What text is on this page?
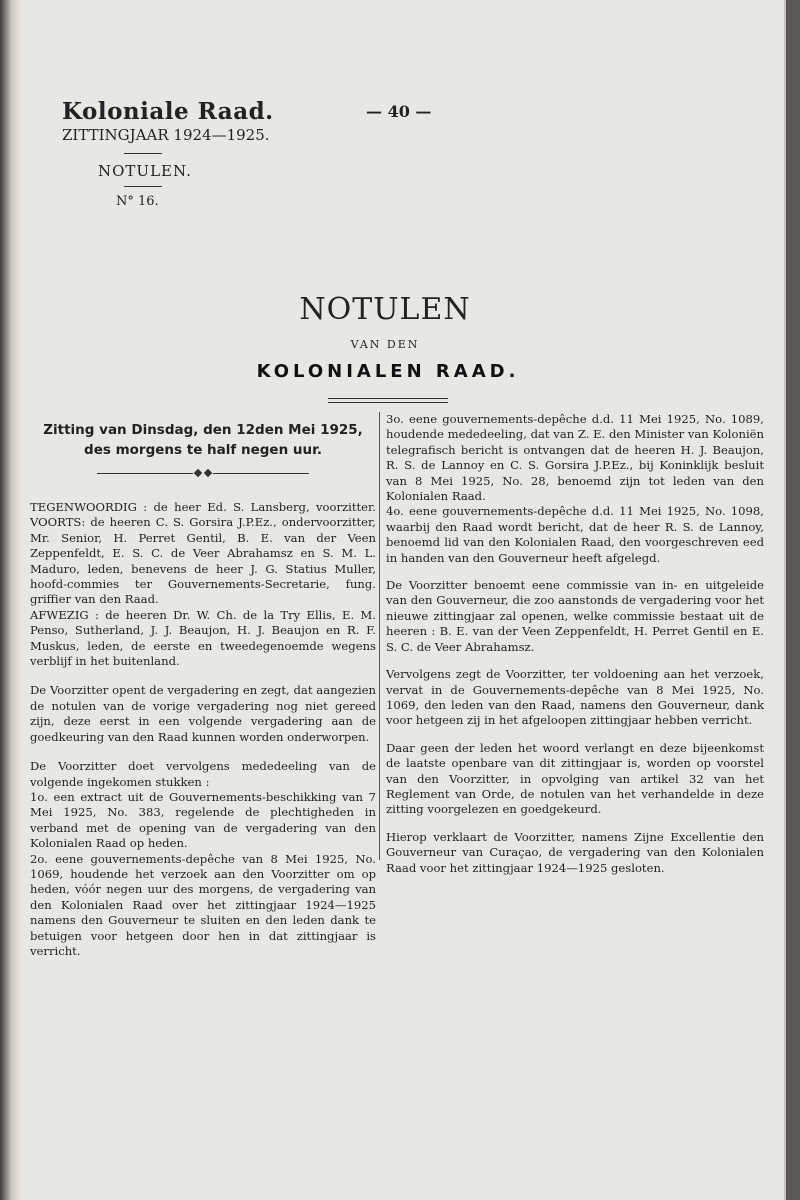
Koloniale Raad.
ZITTINGJAAR 1924—1925.
— 40 —
NOTULEN.
N° 16.
NOTULEN
VAN DEN
KOLONIALEN RAAD.
Zitting van Dinsdag, den 12den Mei 1925,
des morgens te half negen uur.

TEGENWOORDIG : de heer Ed. S. Lansberg, voorzitter. VOORTS: de heeren C. S. Gorsira J.P.Ez., ondervoorzitter, Mr. Senior, H. Perret Gentil, B. E. van der Veen Zeppenfeldt, E. S. C. de Veer Abrahamsz en S. M. L. Maduro, leden, benevens de heer J. G. Statius Muller, hoofd-commies ter Gouvernements-Secretarie, fung. griffier van den Raad.

AFWEZIG : de heeren Dr. W. Ch. de la Try Ellis, E. M. Penso, Sutherland, J. J. Beaujon, H. J. Beaujon en R. F. Muskus, leden, de eerste en tweedegenoemde wegens verblijf in het buitenland.

De Voorzitter opent de vergadering en zegt, dat aangezien de notulen van de vorige vergadering nog niet gereed zijn, deze eerst in een volgende vergadering aan de goedkeuring van den Raad kunnen worden onderworpen.

De Voorzitter doet vervolgens mededeeling van de volgende ingekomen stukken :

1o. een extract uit de Gouvernements-beschikking van 7 Mei 1925, No. 383, regelende de plechtigheden in verband met de opening van de vergadering van den Kolonialen Raad op heden.

2o. eene gouvernements-depêche van 8 Mei 1925, No. 1069, houdende het verzoek aan den Voorzitter om op heden, vóór negen uur des morgens, de vergadering van den Kolonialen Raad over het zittingjaar 1924—1925 namens den Gouverneur te sluiten en den leden dank te betuigen voor hetgeen door hen in dat zittingjaar is verricht.

3o. eene gouvernements-depêche d.d. 11 Mei 1925, No. 1089, houdende mededeeling, dat van Z. E. den Minister van Koloniën telegrafisch bericht is ontvangen dat de heeren H. J. Beaujon, R. S. de Lannoy en C. S. Gorsira J.P.Ez., bij Koninklijk besluit van 8 Mei 1925, No. 28, benoemd zijn tot leden van den Kolonialen Raad.

4o. eene gouvernements-depêche d.d. 11 Mei 1925, No. 1098, waarbij den Raad wordt bericht, dat de heer R. S. de Lannoy, benoemd lid van den Kolonialen Raad, den voorgeschreven eed in handen van den Gouverneur heeft afgelegd.

De Voorzitter benoemt eene commissie van in- en uitgeleide van den Gouverneur, die zoo aanstonds de vergadering voor het nieuwe zittingjaar zal openen, welke commissie bestaat uit de heeren : B. E. van der Veen Zeppenfeldt, H. Perret Gentil en E. S. C. de Veer Abrahamsz.

Vervolgens zegt de Voorzitter, ter voldoening aan het verzoek, vervat in de Gouvernements-depêche van 8 Mei 1925, No. 1069, den leden van den Raad, namens den Gouverneur, dank voor hetgeen zij in het afgeloopen zittingjaar hebben verricht.

Daar geen der leden het woord verlangt en deze bijeenkomst de laatste openbare van dit zittingjaar is, worden op voorstel van den Voorzitter, in opvolging van artikel 32 van het Reglement van Orde, de notulen van het verhandelde in deze zitting voorgelezen en goedgekeurd.

Hierop verklaart de Voorzitter, namens Zijne Excellentie den Gouverneur van Curaçao, de vergadering van den Kolonialen Raad voor het zittingjaar 1924—1925 gesloten.
